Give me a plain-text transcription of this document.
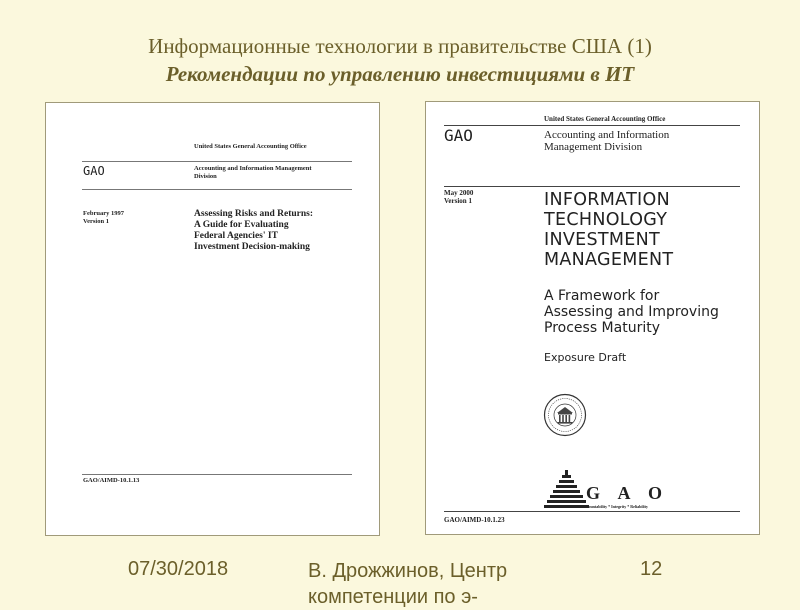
Информационные технологии в правительстве США (1)
Рекомендации по управлению инвестициями в ИТ
United States General Accounting Office
GAO	Accounting and Information Management
Division
February 1997
Version 1
Assessing Risks and Returns:
A Guide for Evaluating
Federal Agencies' IT
Investment Decision-making
GAO/AIMD-10.1.13
United States General Accounting Office
GAO	Accounting and Information
Management Division
May 2000
Version 1	INFORMATION
TECHNOLOGY
INVESTMENT
MANAGEMENT
A Framework for
Assessing and Improving
Process Maturity
Exposure Draft
G A O
Accountability * Integrity * Reliability
GAO/AIMD-10.1.23
07/30/2018	В. Дрожжинов, Центр компетенции по э-
12
